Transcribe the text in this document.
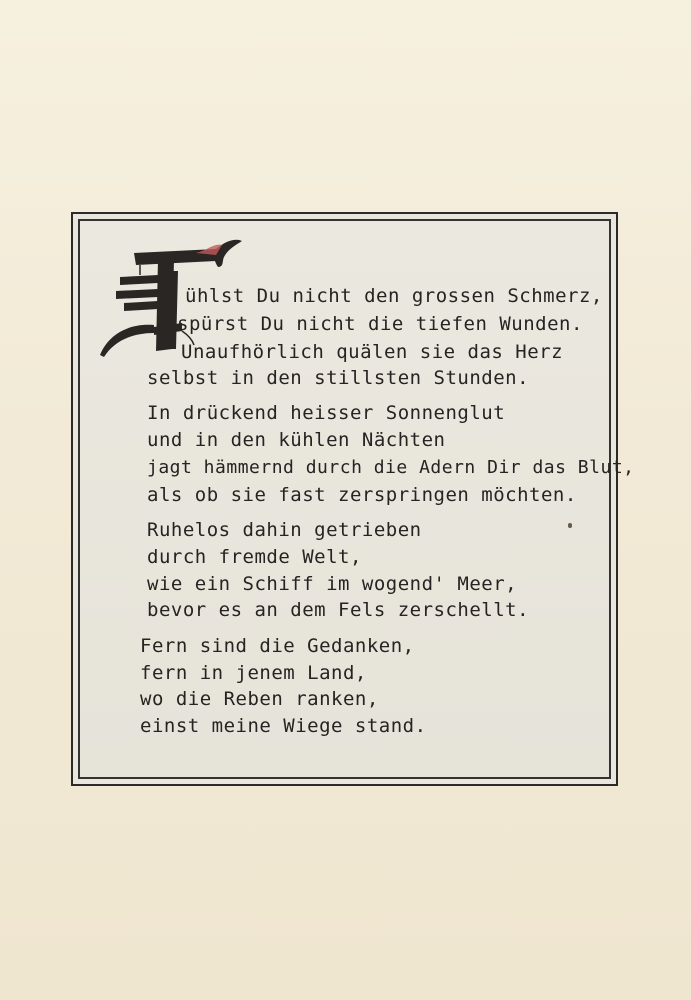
ühlst Du nicht den grossen Schmerz,
spürst Du nicht die tiefen Wunden.
Unaufhörlich quälen sie das Herz
selbst in den stillsten Stunden.
In drückend heisser Sonnenglut
und in den kühlen Nächten
jagt hämmernd durch die Adern Dir das Blut,
als ob sie fast zerspringen möchten.
Ruhelos dahin getrieben
durch fremde Welt,
wie ein Schiff im wogend' Meer,
bevor es an dem Fels zerschellt.
Fern sind die Gedanken,
fern in jenem Land,
wo die Reben ranken,
einst meine Wiege stand.
